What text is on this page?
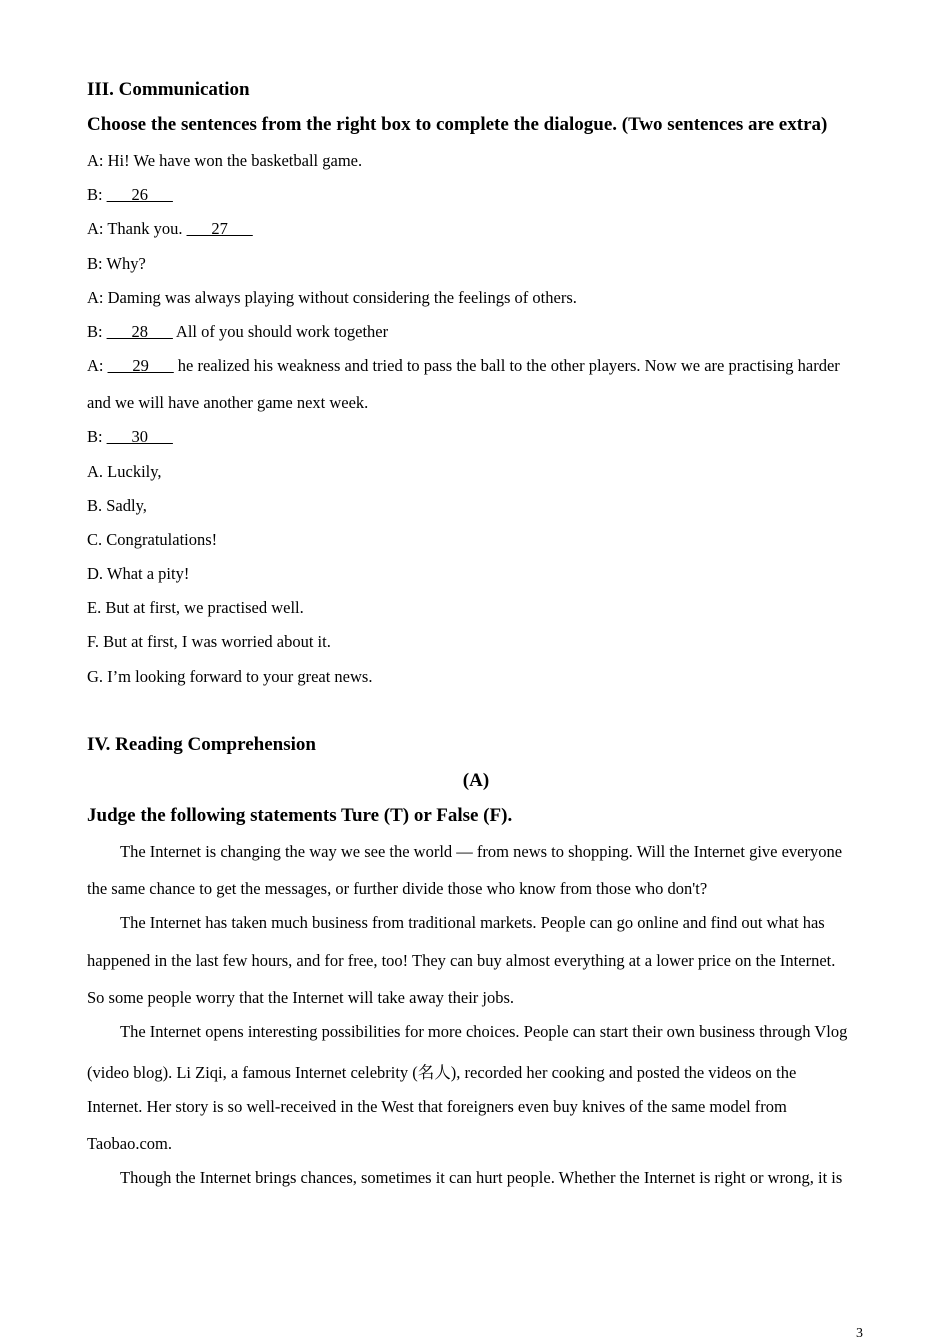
III. Communication
Choose the sentences from the right box to complete the dialogue. (Two sentences are extra)
A: Hi! We have won the basketball game.
B: ___26___
A: Thank you. ___27___
B: Why?
A: Daming was always playing without considering the feelings of others.
B: ___28___ All of you should work together
A: ___29___ he realized his weakness and tried to pass the ball to the other players. Now we are practising harder
and we will have another game next week.
B: ___30___
A. Luckily,
B. Sadly,
C. Congratulations!
D. What a pity!
E. But at first, we practised well.
F. But at first, I was worried about it.
G. I’m looking forward to your great news.
IV. Reading Comprehension
(A)
Judge the following statements Ture (T) or False (F).
The Internet is changing the way we see the world — from news to shopping. Will the Internet give everyone
the same chance to get the messages, or further divide those who know from those who don't?
The Internet has taken much business from traditional markets. People can go online and find out what has
happened in the last few hours, and for free, too! They can buy almost everything at a lower price on the Internet.
So some people worry that the Internet will take away their jobs.
The Internet opens interesting possibilities for more choices. People can start their own business through Vlog
(video blog). Li Ziqi, a famous Internet celebrity (名人), recorded her cooking and posted the videos on the
Internet. Her story is so well-received in the West that foreigners even buy knives of the same model from
Taobao.com.
Though the Internet brings chances, sometimes it can hurt people. Whether the Internet is right or wrong, it is
3
